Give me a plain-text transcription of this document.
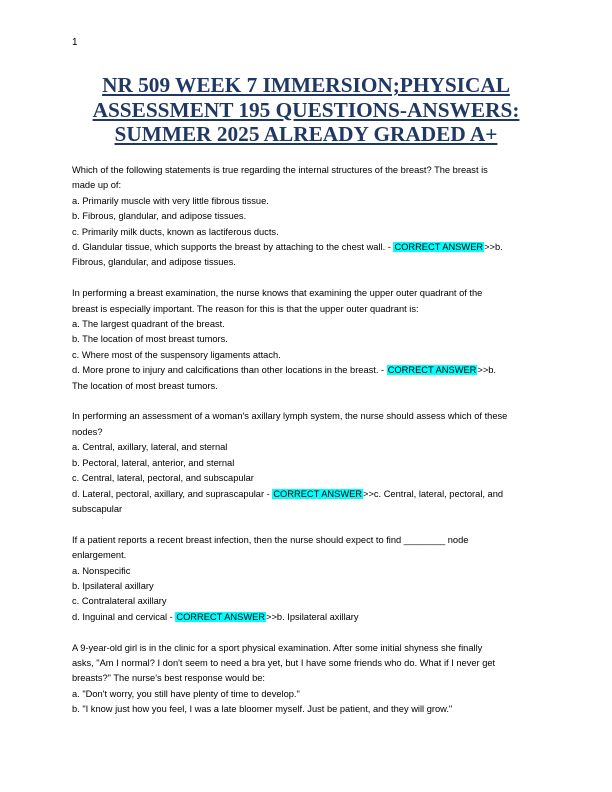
1
NR 509 WEEK 7 IMMERSION;PHYSICAL
ASSESSMENT 195 QUESTIONS-ANSWERS:
SUMMER 2025 ALREADY GRADED A+
Which of the following statements is true regarding the internal structures of the breast? The breast is
made up of:
a. Primarily muscle with very little fibrous tissue.
b. Fibrous, glandular, and adipose tissues.
c. Primarily milk ducts, known as lactiferous ducts.
d. Glandular tissue, which supports the breast by attaching to the chest wall. - CORRECT ANSWER>>b.
Fibrous, glandular, and adipose tissues.
In performing a breast examination, the nurse knows that examining the upper outer quadrant of the
breast is especially important. The reason for this is that the upper outer quadrant is:
a. The largest quadrant of the breast.
b. The location of most breast tumors.
c. Where most of the suspensory ligaments attach.
d. More prone to injury and calcifications than other locations in the breast. - CORRECT ANSWER>>b.
The location of most breast tumors.
In performing an assessment of a woman's axillary lymph system, the nurse should assess which of these
nodes?
a. Central, axillary, lateral, and sternal
b. Pectoral, lateral, anterior, and sternal
c. Central, lateral, pectoral, and subscapular
d. Lateral, pectoral, axillary, and suprascapular - CORRECT ANSWER>>c. Central, lateral, pectoral, and
subscapular
If a patient reports a recent breast infection, then the nurse should expect to find ________ node
enlargement.
a. Nonspecific
b. Ipsilateral axillary
c. Contralateral axillary
d. Inguinal and cervical - CORRECT ANSWER>>b. Ipsilateral axillary
A 9-year-old girl is in the clinic for a sport physical examination. After some initial shyness she finally
asks, "Am I normal? I don't seem to need a bra yet, but I have some friends who do. What if I never get
breasts?" The nurse's best response would be:
a. "Don't worry, you still have plenty of time to develop."
b. "I know just how you feel, I was a late bloomer myself. Just be patient, and they will grow."
